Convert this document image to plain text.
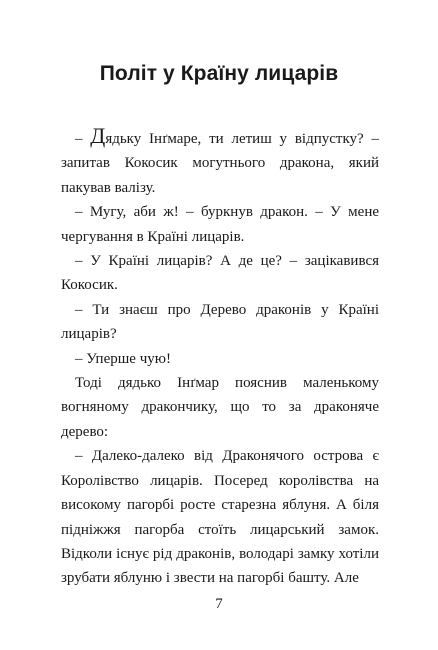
Політ у Країну лицарів

– Дядьку Інґмаре, ти летиш у відпустку? – запитав Кокосик могутнього дракона, який пакував валізу.

– Мугу, аби ж! – буркнув дракон. – У мене чергування в Країні лицарів.

– У Країні лицарів? А де це? – зацікавився Кокосик.

– Ти знаєш про Дерево драконів у Країні лицарів?

– Уперше чую!

Тоді дядько Інґмар пояснив маленькому вогняному дракончику, що то за драконяче дерево:

– Далеко-далеко від Драконячого острова є Королівство лицарів. Посеред королівства на високому пагорбі росте старезна яблуня. А біля підніжжя пагорба стоїть лицарський замок. Відколи існує рід драконів, володарі замку хотіли зрубати яблуню і звести на пагорбі башту. Але

7
